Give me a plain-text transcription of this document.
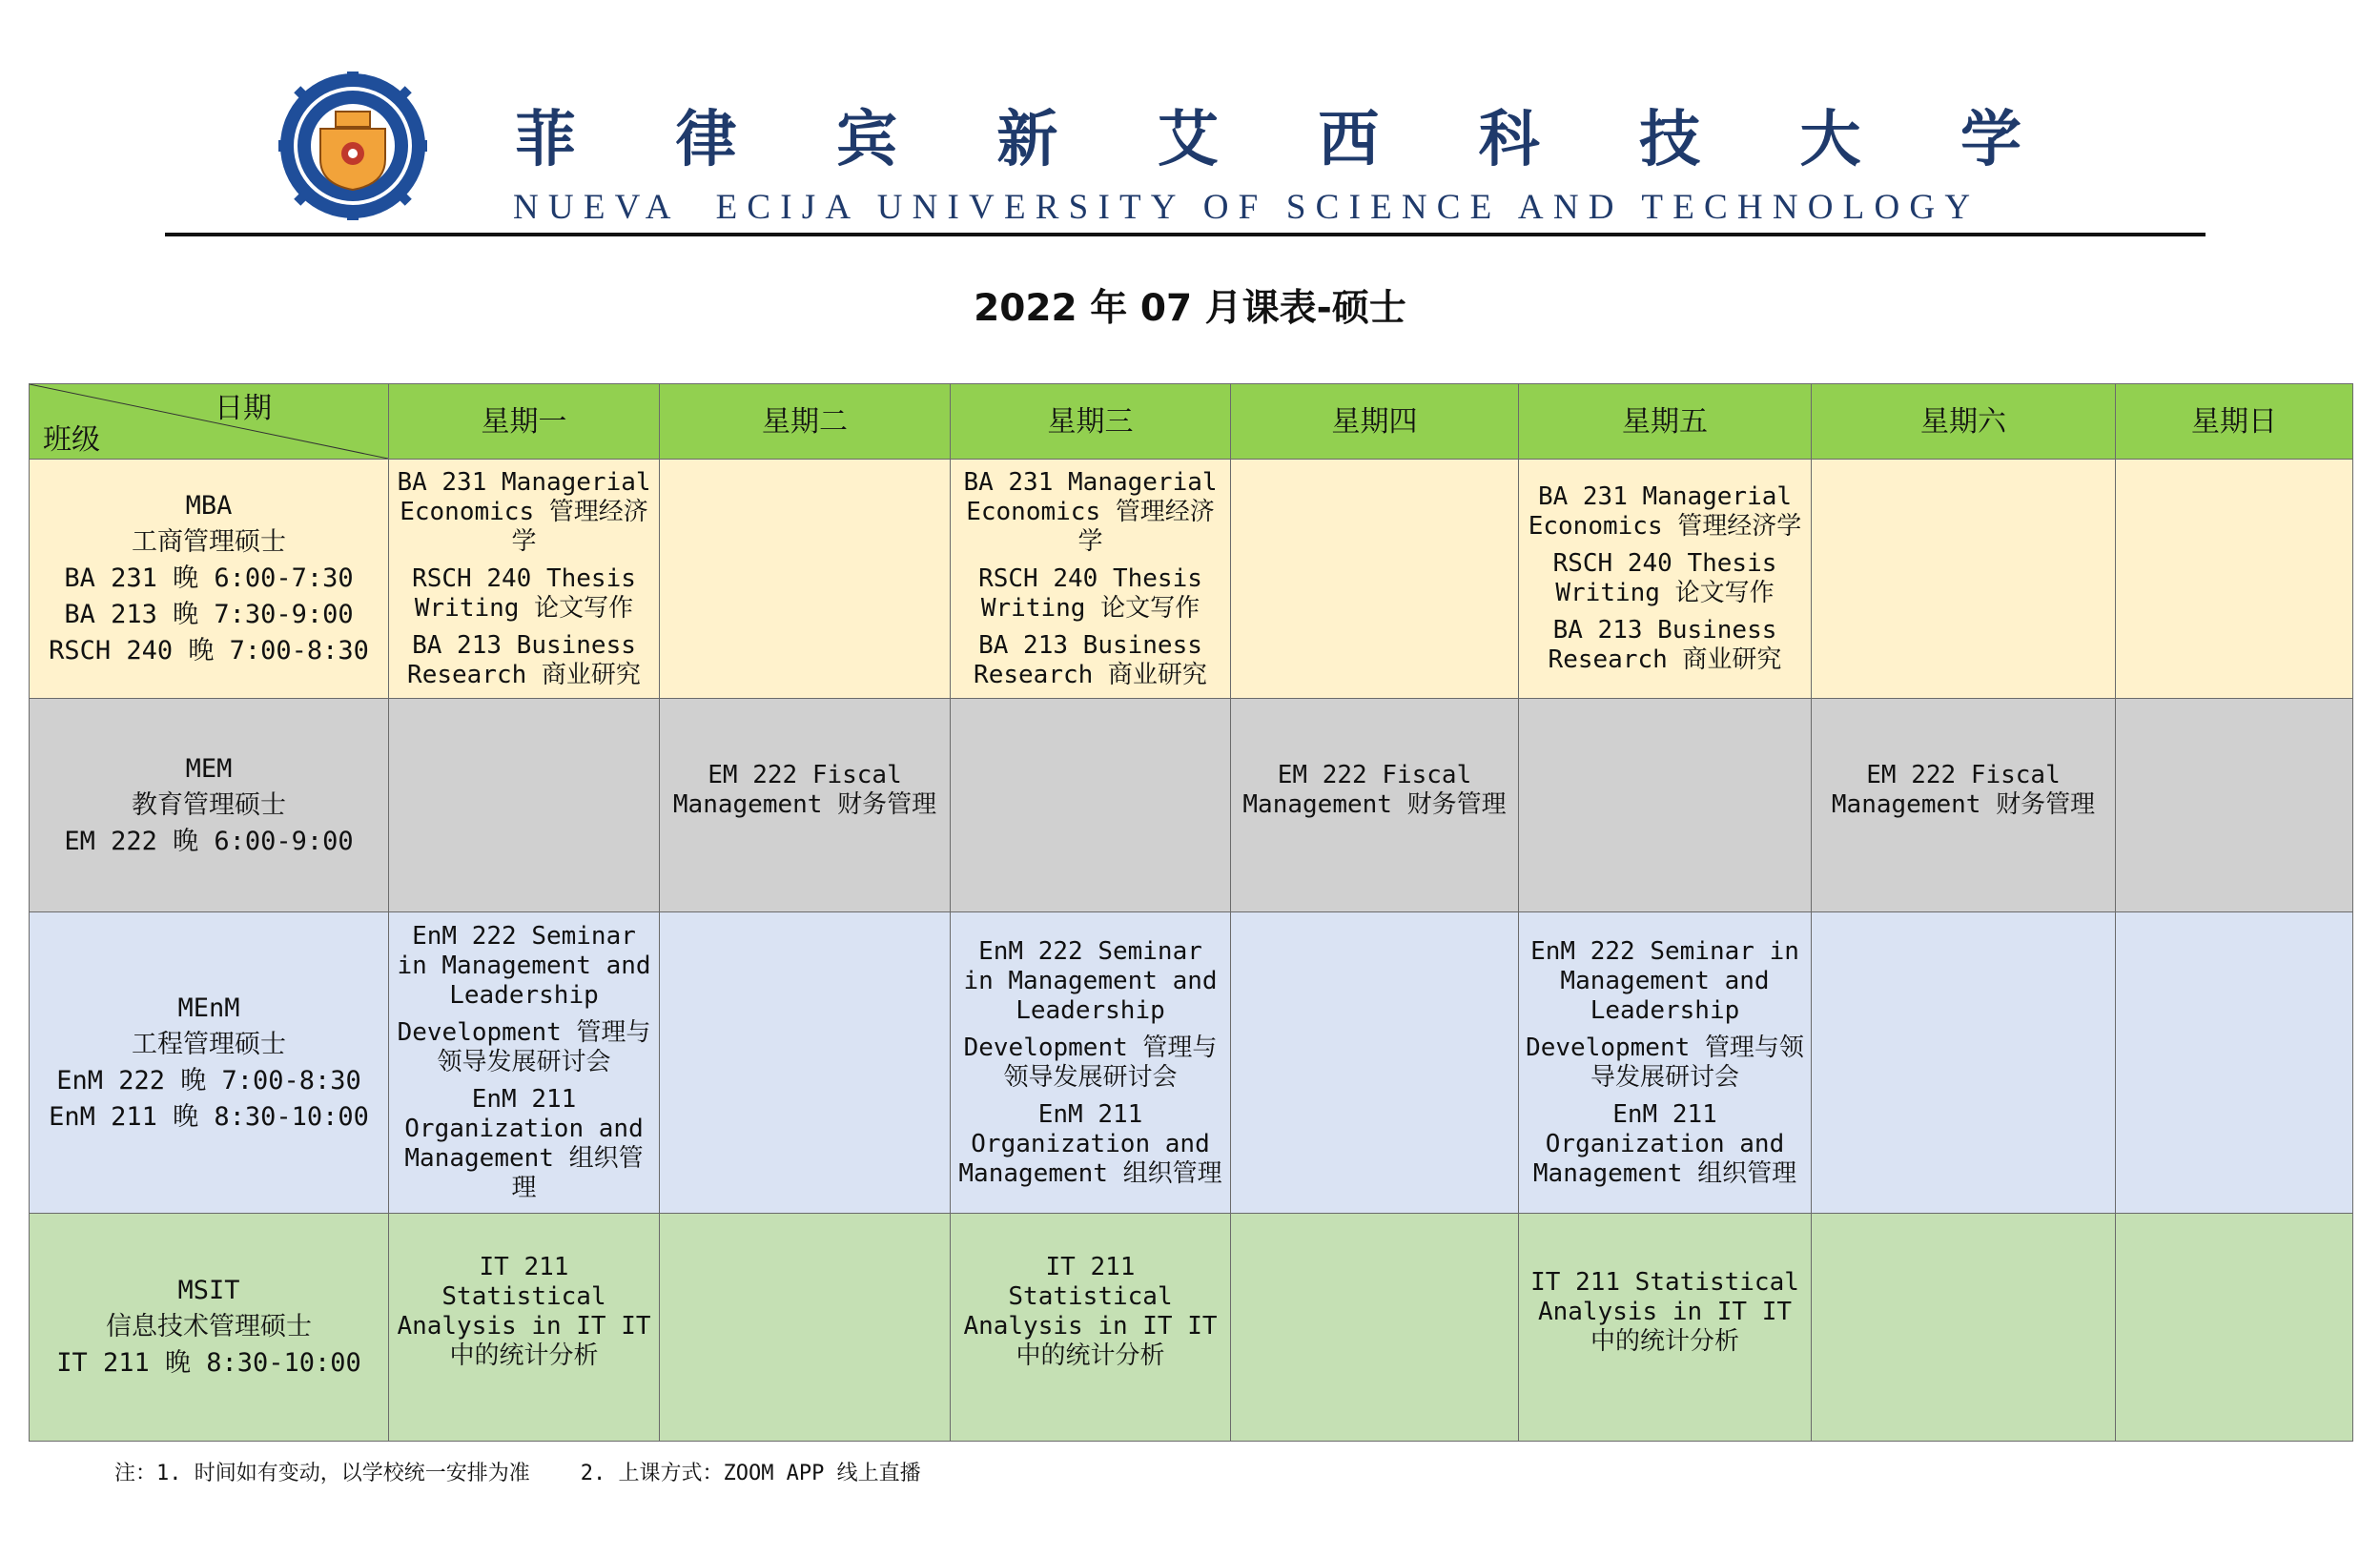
菲 律 宾 新 艾 西 科 技 大 学
NUEVA  ECIJA UNIVERSITY OF SCIENCE AND TECHNOLOGY
2022 年 07 月课表-硕士
日期
班级	星期一	星期二	星期三	星期四	星期五	星期六	星期日

MBA
工商管理硕士
BA 231 晚 6:00-7:30
BA 213 晚 7:30-9:00
RSCH 240 晚 7:00-8:30	BA 231 Managerial Economics 管理经济学
RSCH 240 Thesis Writing 论文写作
BA 213 Business Research 商业研究		BA 231 Managerial Economics 管理经济学
RSCH 240 Thesis Writing 论文写作
BA 213 Business Research 商业研究		BA 231 Managerial Economics 管理经济学
RSCH 240 Thesis Writing 论文写作
BA 213 Business Research 商业研究		

MEM
教育管理硕士
EM 222 晚 6:00-9:00		EM 222 Fiscal Management 财务管理		EM 222 Fiscal Management 财务管理		EM 222 Fiscal Management 财务管理	

MEnM
工程管理硕士
EnM 222 晚 7:00-8:30
EnM 211 晚 8:30-10:00	EnM 222 Seminar in Management and Leadership
Development 管理与领导发展研讨会
EnM 211 Organization and Management 组织管理		EnM 222 Seminar in Management and Leadership
Development 管理与领导发展研讨会
EnM 211 Organization and Management 组织管理		EnM 222 Seminar in Management and Leadership
Development 管理与领导发展研讨会
EnM 211 Organization and Management 组织管理		

MSIT
信息技术管理硕士
IT 211 晚 8:30-10:00	IT 211 Statistical Analysis in IT IT 中的统计分析		IT 211 Statistical Analysis in IT IT 中的统计分析		IT 211 Statistical Analysis in IT IT 中的统计分析		

注：1. 时间如有变动，以学校统一安排为准    2. 上课方式：ZOOM APP 线上直播
